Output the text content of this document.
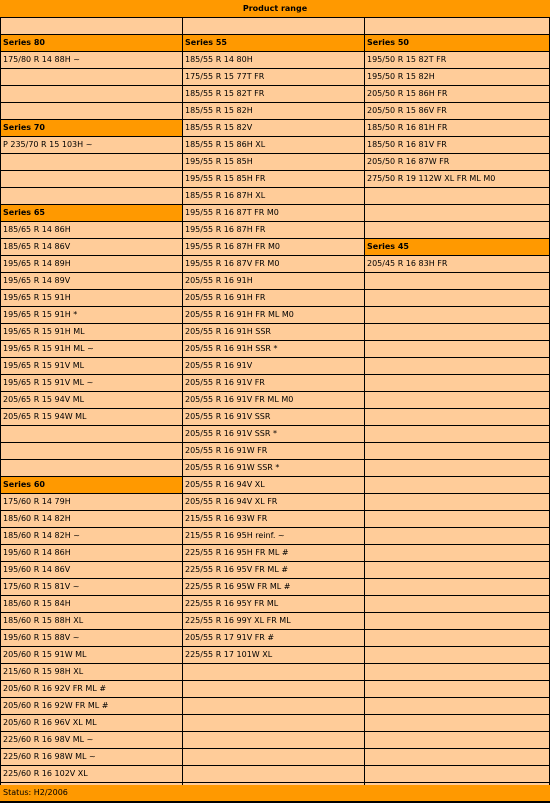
Product range
Series 80
175/80 R 14 88H ~
Series 70
P 235/70 R 15 103H ~
Series 65
185/65 R 14 86H
185/65 R 14 86V
195/65 R 14 89H
195/65 R 14 89V
195/65 R 15 91H
195/65 R 15 91H *
195/65 R 15 91H ML
195/65 R 15 91H ML ~
195/65 R 15 91V ML
195/65 R 15 91V ML ~
205/65 R 15 94V ML
205/65 R 15 94W ML
Series 60
175/60 R 14 79H
185/60 R 14 82H
185/60 R 14 82H ~
195/60 R 14 86H
195/60 R 14 86V
175/60 R 15 81V ~
185/60 R 15 84H
185/60 R 15 88H XL
195/60 R 15 88V ~
205/60 R 15 91W ML
215/60 R 15 98H XL
205/60 R 16 92V FR ML #
205/60 R 16 92W FR ML #
205/60 R 16 96V XL ML
225/60 R 16 98V ML ~
225/60 R 16 98W ML ~
225/60 R 16 102V XL
Series 55
185/55 R 14 80H
175/55 R 15 77T FR
185/55 R 15 82T FR
185/55 R 15 82H
185/55 R 15 82V
185/55 R 15 86H XL
195/55 R 15 85H
195/55 R 15 85H FR
185/55 R 16 87H XL
195/55 R 16 87T FR M0
195/55 R 16 87H FR
195/55 R 16 87H FR M0
195/55 R 16 87V FR M0
205/55 R 16 91H
205/55 R 16 91H FR
205/55 R 16 91H FR ML M0
205/55 R 16 91H SSR
205/55 R 16 91H SSR *
205/55 R 16 91V
205/55 R 16 91V FR
205/55 R 16 91V FR ML M0
205/55 R 16 91V SSR
205/55 R 16 91V SSR *
205/55 R 16 91W FR
205/55 R 16 91W SSR *
205/55 R 16 94V XL
205/55 R 16 94V XL FR
215/55 R 16 93W FR
215/55 R 16 95H reinf. ~
225/55 R 16 95H FR ML #
225/55 R 16 95V FR ML #
225/55 R 16 95W FR ML #
225/55 R 16 95Y FR ML
225/55 R 16 99Y XL FR ML
205/55 R 17 91V FR #
225/55 R 17 101W XL
Series 50
195/50 R 15 82T FR
195/50 R 15 82H
205/50 R 15 86H FR
205/50 R 15 86V FR
185/50 R 16 81H FR
185/50 R 16 81V FR
205/50 R 16 87W FR
275/50 R 19 112W XL FR ML M0
Series 45
205/45 R 16 83H FR
Status: H2/2006
